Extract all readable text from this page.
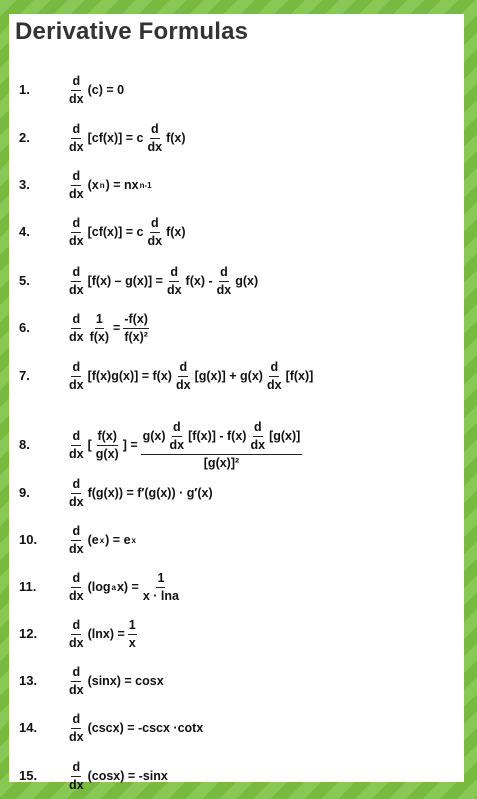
Derivative Formulas
1.	$\frac{d}{dx} (c) = 0$
2.	$\frac{d}{dx} [cf(x)] = c \frac{d}{dx} f(x)$
3.	$\frac{d}{dx} (x$ n ) = nx n-1
4.	$\frac{d}{dx} [cf(x)] = c \frac{d}{dx} f(x)$
5.	$\frac{d}{dx} [f(x) - g(x)] = \frac{d}{dx} f(x) - \frac{d}{dx} g(x)$
6.	$\frac{d}{dx} \frac{1}{f(x)} = \frac{-f(x)}{\text{f(x)²}}$
7.	$\frac{d}{dx} [f(x)g(x)] = f(x) \frac{d}{dx} [g(x)] + g(x) \frac{d}{dx} [f(x)]$
8.	$\frac{d}{dx}$ [ $\frac{f(x)}{g(x)}$ ] = $\frac{g(x) \frac{d}{dx} [f(x)] - f(x) \frac{d}{dx} [g(x)]}{\text{[g(x)]²}}$
9.	$\frac{d}{dx} f(g(x)) = f'(g(x)) \cdot g'(x)$
10. $\frac{d}{dx} (e$ x ) = e x
11.	$\frac{d}{dx} (\log$ a $x) = \frac{1}{x \cdot \ln a}$
12. $\frac{d}{dx} (\ln x) = \frac{1}{x}$
13. $\frac{d}{dx} (\sin x) = \cos x$
14. $\frac{d}{dx} (\csc x) = -\csc x \cdot\cot x$
15. $\frac{d}{dx} (\cos x) = -\sin x$
